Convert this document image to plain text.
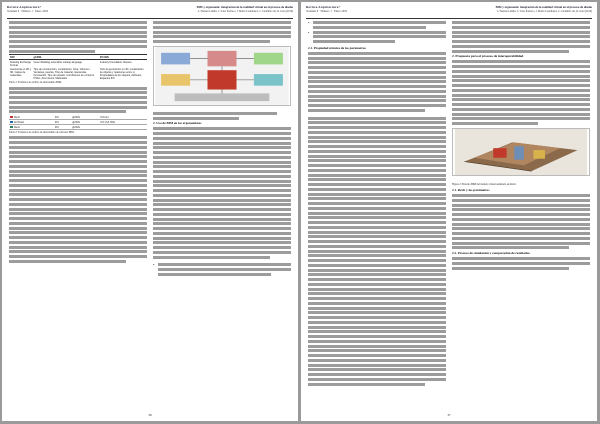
Revista Arquitectura+
Volumen 6 · Número 1 · Enero 2019
BIM y ergonomía: integración de la realidad virtual en el proceso de diseño
L. Fuentes Laniña, L. Soler Pacheco, J. Marin Castellanos, C. Jaramillo Gil, R. Grau (2019)
DXF	gbXML	IFCXML
Drawing Exchange Format	Green Building extensible markup language	Industry Foundation Classes
Geometría en 2D y 3D, Capas de materiales	Tipo de construcción, Localización, Área, Volumen, Ventanas, puertas, Tipo de material, Ganancias, Iluminación, Tipo de espacio, Condiciones de contorno, HVAC, Aire interior, Materiales	Todo lo geométrico en 3D, Localización de objetos y relaciones entre sí, Propiedades de los objetos, Atributos, Espacios IFC
Tabla 1: Formatos de archivo de intercambio BIM.
Revit	IFC	gbXML	IFCxml
Archicad	IFC	gbXML	IFC 2x3 XML
Revit	IFC	gbXML	
Tabla 2: Formatos de archivo de intercambio de software BIM.
2. Uso de BIM en los ergonomistas
•
36
Revista Arquitectura+
Volumen 6 · Número 1 · Enero 2019
BIM y ergonomía: integración de la realidad virtual en el proceso de diseño
L. Fuentes Laniña, L. Soler Pacheco, J. Marin Castellanos, C. Jaramillo Gil, R. Grau (2019)
•
•
2.1. Propiedad térmica de los parámetros
2. Propuesta para el proceso de interoperabilidad
Figura 2: Entorno BIM del modelo virtual analizado en Revit.
2.1. Revit y los parámetros
2.2. Proceso de simulación y comparación de resultados
37
